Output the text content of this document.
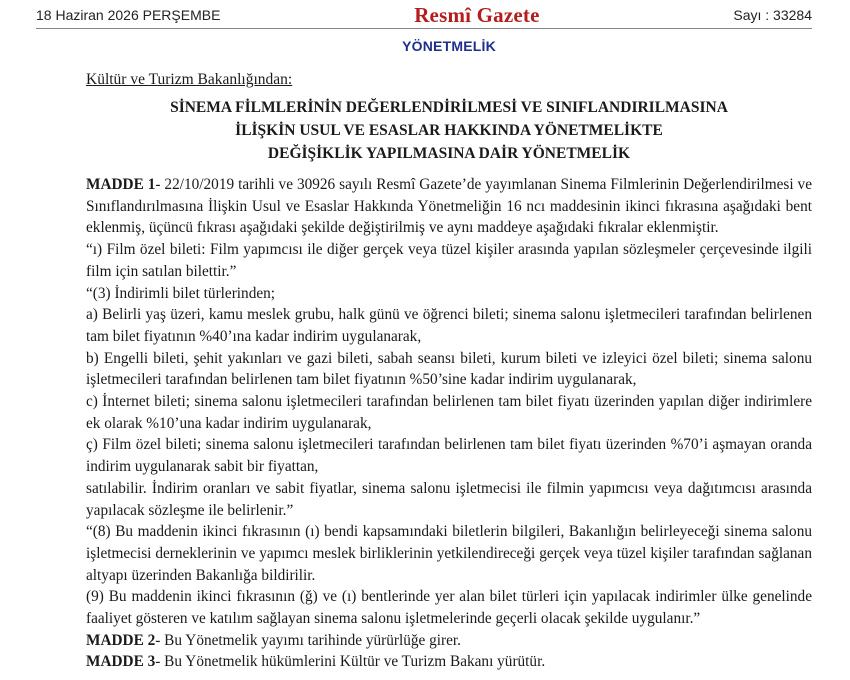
18 Haziran 2026 PERŞEMBE	Resmî Gazete	Sayı : 33284
YÖNETMELİK
Kültür ve Turizm Bakanlığından:
SİNEMA FİLMLERİNİN DEĞERLENDİRİLMESİ VE SINIFLANDIRILMASINA
İLİŞKİN USUL VE ESASLAR HAKKINDA YÖNETMELİKTE
DEĞİŞİKLİK YAPILMASINA DAİR YÖNETMELİK

MADDE 1- 22/10/2019 tarihli ve 30926 sayılı Resmî Gazete’de yayımlanan Sinema Filmlerinin Değerlendirilmesi ve Sınıflandırılmasına İlişkin Usul ve Esaslar Hakkında Yönetmeliğin 16 ncı maddesinin ikinci fıkrasına aşağıdaki bent eklenmiş, üçüncü fıkrası aşağıdaki şekilde değiştirilmiş ve aynı maddeye aşağıdaki fıkralar eklenmiştir.

“ı) Film özel bileti: Film yapımcısı ile diğer gerçek veya tüzel kişiler arasında yapılan sözleşmeler çerçevesinde ilgili film için satılan bilettir.”

“(3) İndirimli bilet türlerinden;

a) Belirli yaş üzeri, kamu meslek grubu, halk günü ve öğrenci bileti; sinema salonu işletmecileri tarafından belirlenen tam bilet fiyatının %40’ına kadar indirim uygulanarak,

b) Engelli bileti, şehit yakınları ve gazi bileti, sabah seansı bileti, kurum bileti ve izleyici özel bileti; sinema salonu işletmecileri tarafından belirlenen tam bilet fiyatının %50’sine kadar indirim uygulanarak,

c) İnternet bileti; sinema salonu işletmecileri tarafından belirlenen tam bilet fiyatı üzerinden yapılan diğer indirimlere ek olarak %10’una kadar indirim uygulanarak,

ç) Film özel bileti; sinema salonu işletmecileri tarafından belirlenen tam bilet fiyatı üzerinden %70’i aşmayan oranda indirim uygulanarak sabit bir fiyattan,

satılabilir. İndirim oranları ve sabit fiyatlar, sinema salonu işletmecisi ile filmin yapımcısı veya dağıtımcısı arasında yapılacak sözleşme ile belirlenir.”

“(8) Bu maddenin ikinci fıkrasının (ı) bendi kapsamındaki biletlerin bilgileri, Bakanlığın belirleyeceği sinema salonu işletmecisi derneklerinin ve yapımcı meslek birliklerinin yetkilendireceği gerçek veya tüzel kişiler tarafından sağlanan altyapı üzerinden Bakanlığa bildirilir.

(9) Bu maddenin ikinci fıkrasının (ğ) ve (ı) bentlerinde yer alan bilet türleri için yapılacak indirimler ülke genelinde faaliyet gösteren ve katılım sağlayan sinema salonu işletmelerinde geçerli olacak şekilde uygulanır.”

MADDE 2- Bu Yönetmelik yayımı tarihinde yürürlüğe girer.

MADDE 3- Bu Yönetmelik hükümlerini Kültür ve Turizm Bakanı yürütür.
